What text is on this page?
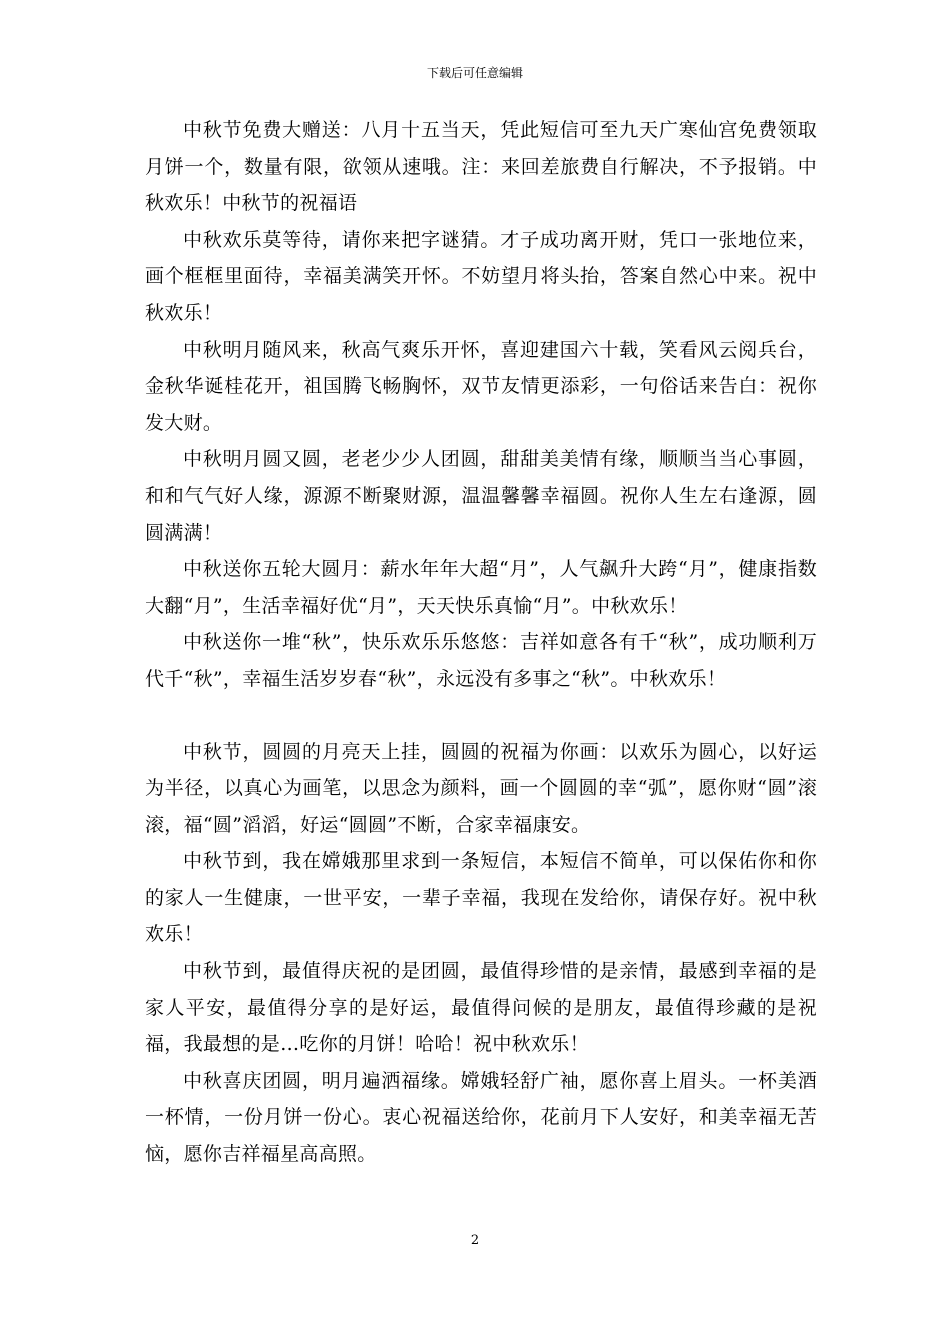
下载后可任意编辑

中秋节免费大赠送：八月十五当天，凭此短信可至九天广寒仙宫免费领取月饼一个，数量有限，欲领从速哦。注：来回差旅费自行解决，不予报销。中秋欢乐！中秋节的祝福语

中秋欢乐莫等待，请你来把字谜猜。才子成功离开财，凭口一张地位来，画个框框里面待，幸福美满笑开怀。不妨望月将头抬，答案自然心中来。祝中秋欢乐！

中秋明月随风来，秋高气爽乐开怀，喜迎建国六十载，笑看风云阅兵台，金秋华诞桂花开，祖国腾飞畅胸怀，双节友情更添彩，一句俗话来告白：祝你发大财。

中秋明月圆又圆，老老少少人团圆，甜甜美美情有缘，顺顺当当心事圆，和和气气好人缘，源源不断聚财源，温温馨馨幸福圆。祝你人生左右逢源，圆圆满满！

中秋送你五轮大圆月：薪水年年大超“月”，人气飙升大跨“月”，健康指数大翻“月”，生活幸福好优“月”，天天快乐真愉“月”。中秋欢乐！

中秋送你一堆“秋”，快乐欢乐乐悠悠：吉祥如意各有千“秋”，成功顺利万代千“秋”，幸福生活岁岁春“秋”，永远没有多事之“秋”。中秋欢乐！

中秋节，圆圆的月亮天上挂，圆圆的祝福为你画：以欢乐为圆心，以好运为半径，以真心为画笔，以思念为颜料，画一个圆圆的幸“弧”，愿你财“圆”滚滚，福“圆”滔滔，好运“圆圆”不断，合家幸福康安。

中秋节到，我在嫦娥那里求到一条短信，本短信不简单，可以保佑你和你的家人一生健康，一世平安，一辈子幸福，我现在发给你，请保存好。祝中秋欢乐！

中秋节到，最值得庆祝的是团圆，最值得珍惜的是亲情，最感到幸福的是家人平安，最值得分享的是好运，最值得问候的是朋友，最值得珍藏的是祝福，我最想的是…吃你的月饼！哈哈！祝中秋欢乐！

中秋喜庆团圆，明月遍洒福缘。嫦娥轻舒广袖，愿你喜上眉头。一杯美酒一杯情，一份月饼一份心。衷心祝福送给你，花前月下人安好，和美幸福无苦恼，愿你吉祥福星高高照。

2
